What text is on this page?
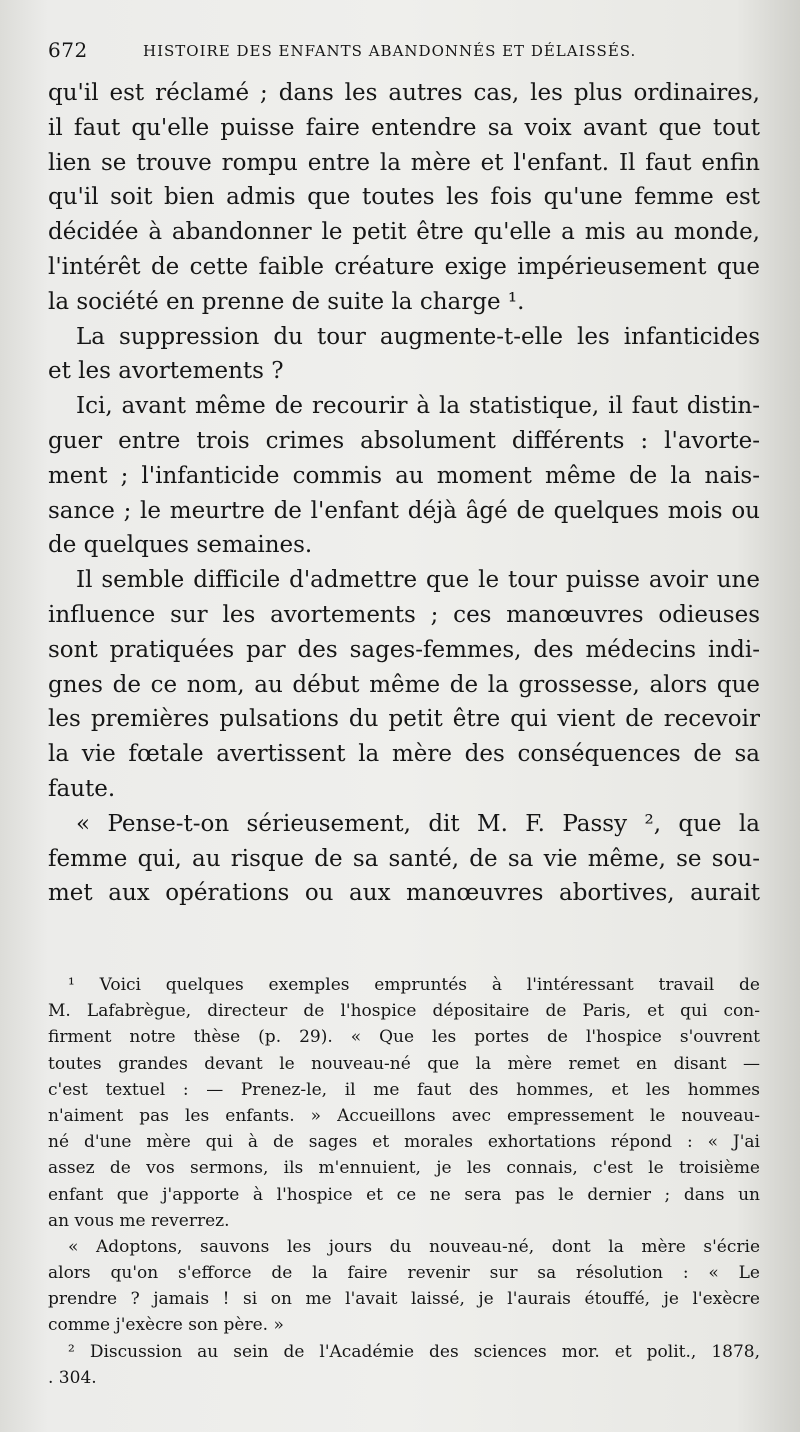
672	HISTOIRE DES ENFANTS ABANDONNÉS ET DÉLAISSÉS.
qu'il est réclamé ; dans les autres cas, les plus ordinaires,
il faut qu'elle puisse faire entendre sa voix avant que tout
lien se trouve rompu entre la mère et l'enfant. Il faut enfin
qu'il soit bien admis que toutes les fois qu'une femme est
décidée à abandonner le petit être qu'elle a mis au monde,
l'intérêt de cette faible créature exige impérieusement que
la société en prenne de suite la charge ¹.
La suppression du tour augmente-t-elle les infanticides
et les avortements ?
Ici, avant même de recourir à la statistique, il faut distin-
guer entre trois crimes absolument différents : l'avorte-
ment ; l'infanticide commis au moment même de la nais-
sance ; le meurtre de l'enfant déjà âgé de quelques mois ou
de quelques semaines.
Il semble difficile d'admettre que le tour puisse avoir une
influence sur les avortements ; ces manœuvres odieuses
sont pratiquées par des sages-femmes, des médecins indi-
gnes de ce nom, au début même de la grossesse, alors que
les premières pulsations du petit être qui vient de recevoir
la vie fœtale avertissent la mère des conséquences de sa
faute.
« Pense-t-on sérieusement, dit M. F. Passy ², que la
femme qui, au risque de sa santé, de sa vie même, se sou-
met aux opérations ou aux manœuvres abortives, aurait
¹ Voici quelques exemples empruntés à l'intéressant travail de
M. Lafabrègue, directeur de l'hospice dépositaire de Paris, et qui con-
firment notre thèse (p. 29). « Que les portes de l'hospice s'ouvrent
toutes grandes devant le nouveau-né que la mère remet en disant —
c'est textuel : — Prenez-le, il me faut des hommes, et les hommes
n'aiment pas les enfants. » Accueillons avec empressement le nouveau-
né d'une mère qui à de sages et morales exhortations répond : « J'ai
assez de vos sermons, ils m'ennuient, je les connais, c'est le troisième
enfant que j'apporte à l'hospice et ce ne sera pas le dernier ; dans un
an vous me reverrez.
« Adoptons, sauvons les jours du nouveau-né, dont la mère s'écrie
alors qu'on s'efforce de la faire revenir sur sa résolution : « Le
prendre ? jamais ! si on me l'avait laissé, je l'aurais étouffé, je l'exècre
comme j'exècre son père. »
² Discussion au sein de l'Académie des sciences mor. et polit., 1878,
. 304.
